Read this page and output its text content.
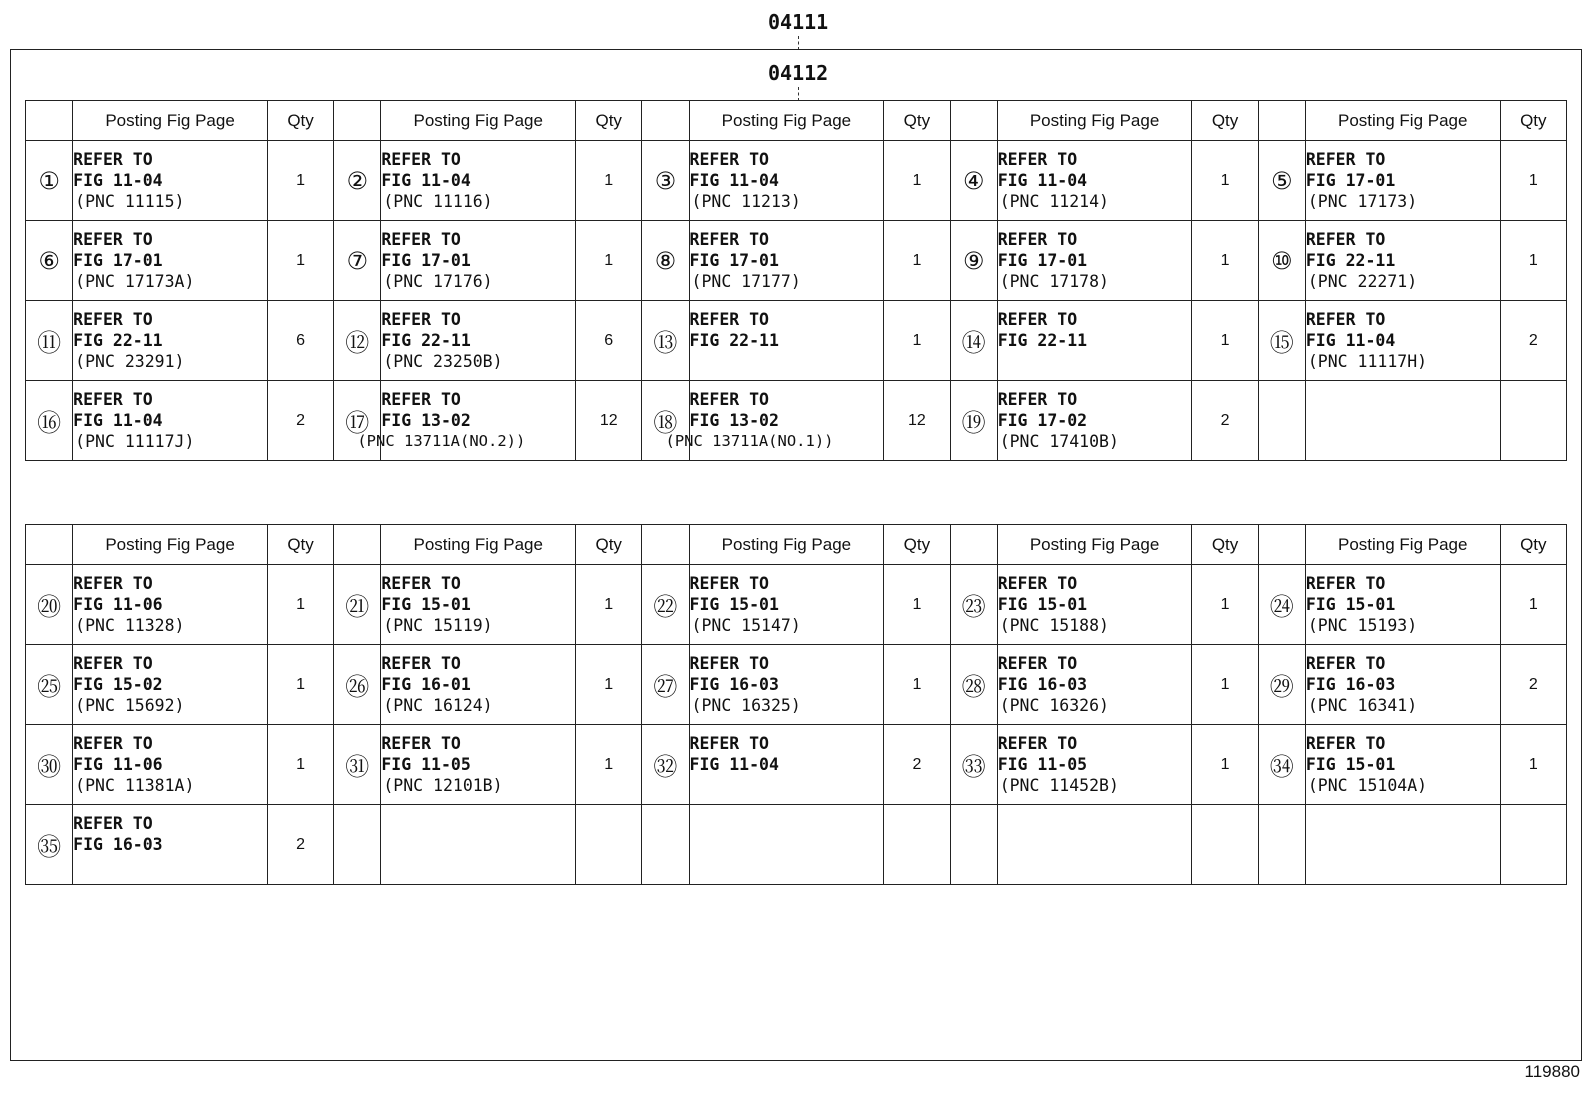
04111
04112
	Posting Fig Page	Qty		Posting Fig Page	Qty		Posting Fig Page	Qty		Posting Fig Page	Qty		Posting Fig Page	Qty
①	REFER TO
FIG 11-04
(PNC 11115)	1	②	REFER TO
FIG 11-04
(PNC 11116)	1	③	REFER TO
FIG 11-04
(PNC 11213)	1	④	REFER TO
FIG 11-04
(PNC 11214)	1	⑤	REFER TO
FIG 17-01
(PNC 17173)	1
⑥	REFER TO
FIG 17-01
(PNC 17173A)	1	⑦	REFER TO
FIG 17-01
(PNC 17176)	1	⑧	REFER TO
FIG 17-01
(PNC 17177)	1	⑨	REFER TO
FIG 17-01
(PNC 17178)	1	⑩	REFER TO
FIG 22-11
(PNC 22271)	1
⑪	REFER TO
FIG 22-11
(PNC 23291)	6	⑫	REFER TO
FIG 22-11
(PNC 23250B)	6	⑬	REFER TO
FIG 22-11	1	⑭	REFER TO
FIG 22-11	1	⑮	REFER TO
FIG 11-04
(PNC 11117H)	2
⑯	REFER TO
FIG 11-04
(PNC 11117J)	2	⑰	REFER TO
FIG 13-02
(PNC 13711A(NO.2))	12	⑱	REFER TO
FIG 13-02
(PNC 13711A(NO.1))	12	⑲	REFER TO
FIG 17-02
(PNC 17410B)	2		

	Posting Fig Page	Qty		Posting Fig Page	Qty		Posting Fig Page	Qty		Posting Fig Page	Qty		Posting Fig Page	Qty
⑳	REFER TO
FIG 11-06
(PNC 11328)	1	㉑	REFER TO
FIG 15-01
(PNC 15119)	1	㉒	REFER TO
FIG 15-01
(PNC 15147)	1	㉓	REFER TO
FIG 15-01
(PNC 15188)	1	㉔	REFER TO
FIG 15-01
(PNC 15193)	1
㉕	REFER TO
FIG 15-02
(PNC 15692)	1	㉖	REFER TO
FIG 16-01
(PNC 16124)	1	㉗	REFER TO
FIG 16-03
(PNC 16325)	1	㉘	REFER TO
FIG 16-03
(PNC 16326)	1	㉙	REFER TO
FIG 16-03
(PNC 16341)	2
㉚	REFER TO
FIG 11-06
(PNC 11381A)	1	㉛	REFER TO
FIG 11-05
(PNC 12101B)	1	㉜	REFER TO
FIG 11-04	2	㉝	REFER TO
FIG 11-05
(PNC 11452B)	1	㉞	REFER TO
FIG 15-01
(PNC 15104A)	1
㉟	REFER TO
FIG 16-03	2		

119880
